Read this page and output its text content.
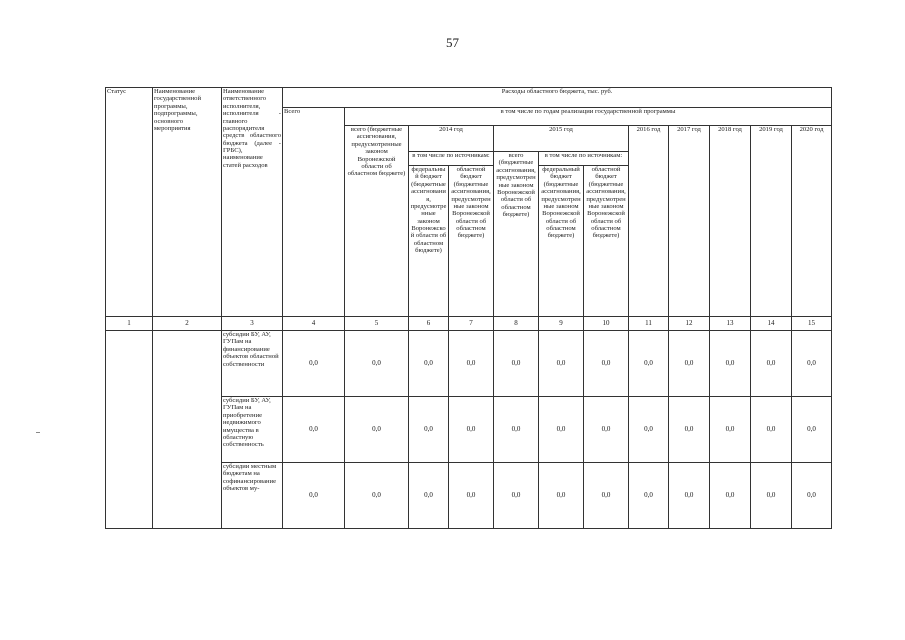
57
Статус	Наименование государственной программы, подпрограммы, основного мероприятия	Наименование ответственного исполнителя, исполнителя - главного распорядителя средств областного бюджета (далее - ГРБС), наименование статей расходов	Расходы областного бюджета, тыс. руб.											
			Всего	в том числе по годам реализации государственной программы										
				всего (бюджетные ассигнования, предусмотренные законом Воронежской области об областном бюджете)	2014 год		2015 год			2016 год	2017 год	2018 год	2019 год	2020 год
					в том числе по источникам:		всего (бюджетные ассигнования, предусмотренные законом Воронежской области об областном бюджете)	в том числе по источникам:						
					федеральный бюджет (бюджетные ассигнования, предусмотренные законом Воронежской области об областном бюджете)	областной бюджет (бюджетные ассигнования, предусмотренные законом Воронежской области об областном бюджете)		федеральный бюджет (бюджетные ассигнования, предусмотренные законом Воронежской области об областном бюджете)	областной бюджет (бюджетные ассигнования, предусмотренные законом Воронежской области об областном бюджете)					
1	2	3	4	5	6	7	8	9	10	11	12	13	14	15
		субсидии БУ, АУ, ГУПам на финансирование объектов областной собственности	0,0	0,0	0,0	0,0	0,0	0,0	0,0	0,0	0,0	0,0	0,0	0,0
		субсидии БУ, АУ, ГУПам на приобретение недвижимого имущества в областную собственность	0,0	0,0	0,0	0,0	0,0	0,0	0,0	0,0	0,0	0,0	0,0	0,0
		субсидии местным бюджетам на софинансирование объектов му-	0,0	0,0	0,0	0,0	0,0	0,0	0,0	0,0	0,0	0,0	0,0	0,0
